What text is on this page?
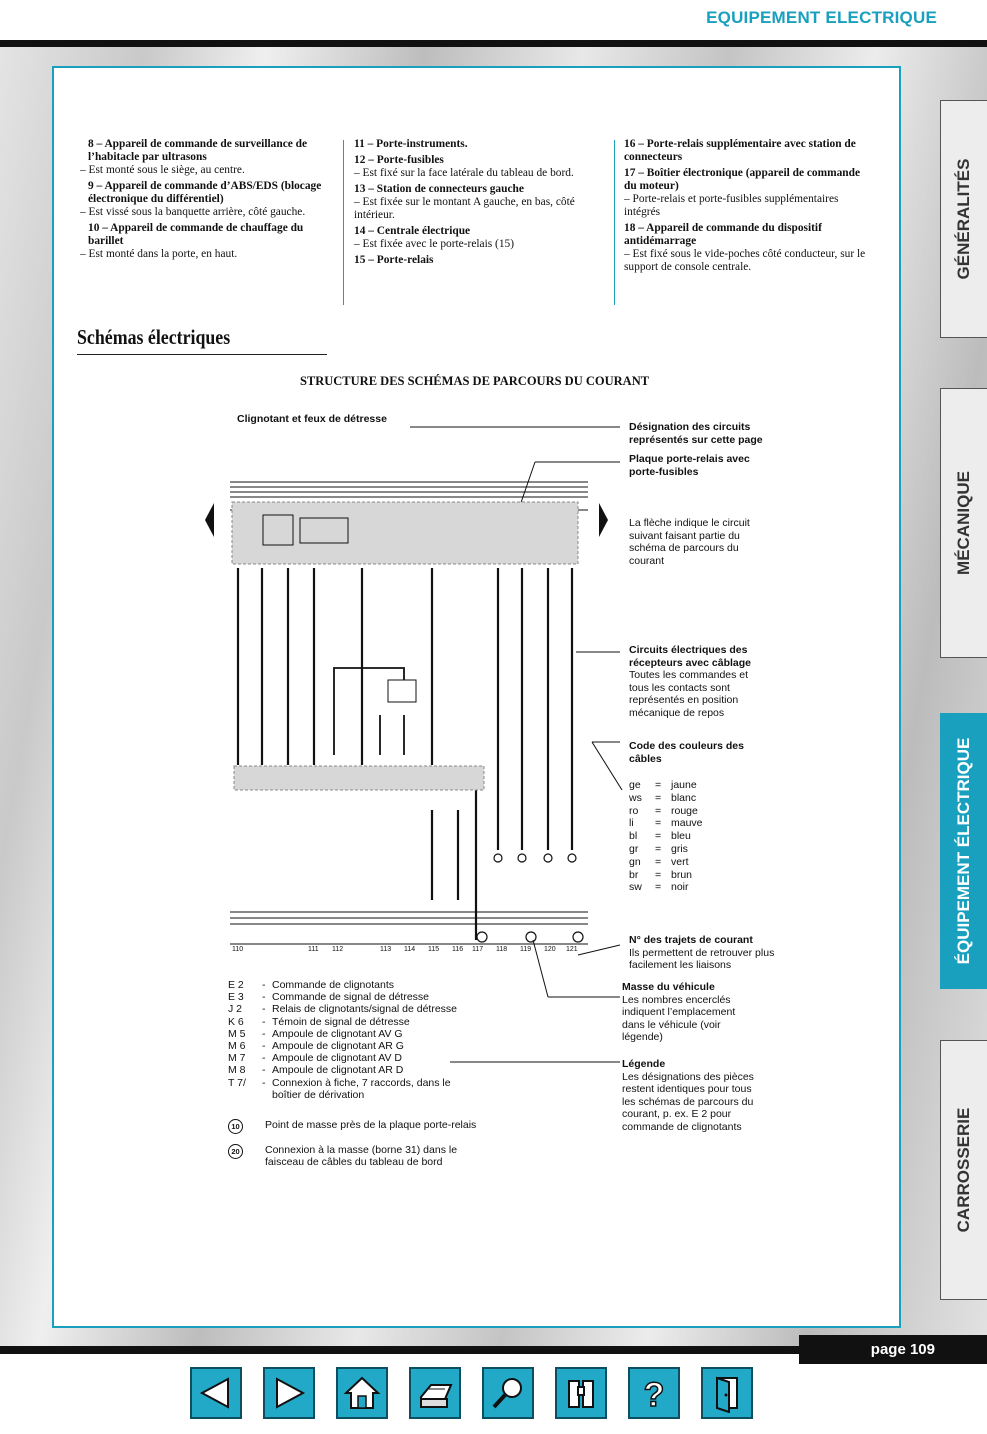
EQUIPEMENT ELECTRIQUE
GÉNÉRALITÉS
MÉCANIQUE
ÉQUIPEMENT ÉLECTRIQUE
CARROSSERIE
8 – Appareil de commande de surveillance de l’habitacle par ultrasons
– Est monté sous le siège, au centre.
9 – Appareil de commande d’ABS/EDS (blocage électronique du différentiel)
– Est vissé sous la banquette arrière, côté gauche.
10 – Appareil de commande de chauffage du barillet
– Est monté dans la porte, en haut.
11 – Porte-instruments.
12 – Porte-fusibles
– Est fixé sur la face latérale du tableau de bord.
13 – Station de connecteurs gauche
– Est fixée sur le montant A gauche, en bas, côté intérieur.
14 – Centrale électrique
– Est fixée avec le porte-relais (15)
15 – Porte-relais
16 – Porte-relais supplémentaire avec station de connecteurs
17 – Boîtier électronique (appareil de commande du moteur)
– Porte-relais et porte-fusibles supplémentaires intégrés
18 – Appareil de commande du dispositif antidémarrage
– Est fixé sous le vide-poches côté conducteur, sur le support de console centrale.
Schémas électriques
STRUCTURE DES SCHÉMAS DE PARCOURS DU COURANT
110	111 112	113 114 115 116 117 118 119 120 121
Clignotant et feux de détresse
Désignation des circuits représentés sur cette page
Plaque porte-relais avec porte-fusibles
La flèche indique le circuit suivant faisant partie du schéma de parcours du courant
Circuits électriques des récepteurs avec câblage
Toutes les commandes et tous les contacts sont représentés en position mécanique de repos
Code des couleurs des câbles
ge	= jaune
ws	= blanc
ro	= rouge
li	= mauve
bl	= bleu
gr	= gris
gn	= vert
br	= brun
sw	= noir
N° des trajets de courant
Ils permettent de retrouver plus facilement les liaisons
Masse du véhicule
Les nombres encerclés indiquent l’emplacement dans le véhicule (voir légende)
Légende
Les désignations des pièces restent identiques pour tous les schémas de parcours du courant, p. ex. E 2 pour commande de clignotants
E 2	- Commande de clignotants
E 3	- Commande de signal de détresse
J 2	- Relais de clignotants/signal de détresse
K 6	- Témoin de signal de détresse
M 5	- Ampoule de clignotant AV G
M 6	- Ampoule de clignotant AR G
M 7	- Ampoule de clignotant AV D
M 8	- Ampoule de clignotant AR D
T 7/	- Connexion à fiche, 7 raccords, dans le boîtier de dérivation
10	Point de masse près de la plaque porte-relais
20	Connexion à la masse (borne 31) dans le faisceau de câbles du tableau de bord
page 109
?
